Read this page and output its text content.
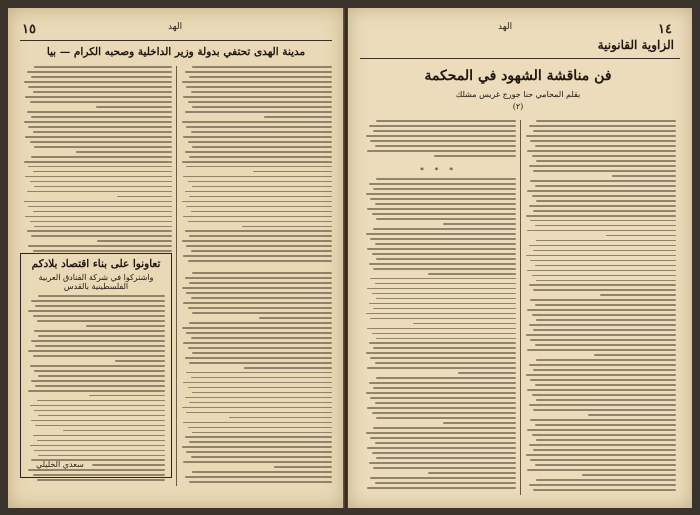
١٥	الهد
مدينة الهدى تحتفي بدولة وزير الداخلية وصحبه الكرام — بيا
تعاونوا على بناء اقتصاد بلادكم
واشتركوا في شركة الفنادق العربية الفلسطينية بالقدس
سعدي الخليلي
الهد	١٤
الزاوية القانونية
فن مناقشة الشهود في المحكمة
بقلم المحامي حنا جورج غريس مشلك
(٢)
* * *
